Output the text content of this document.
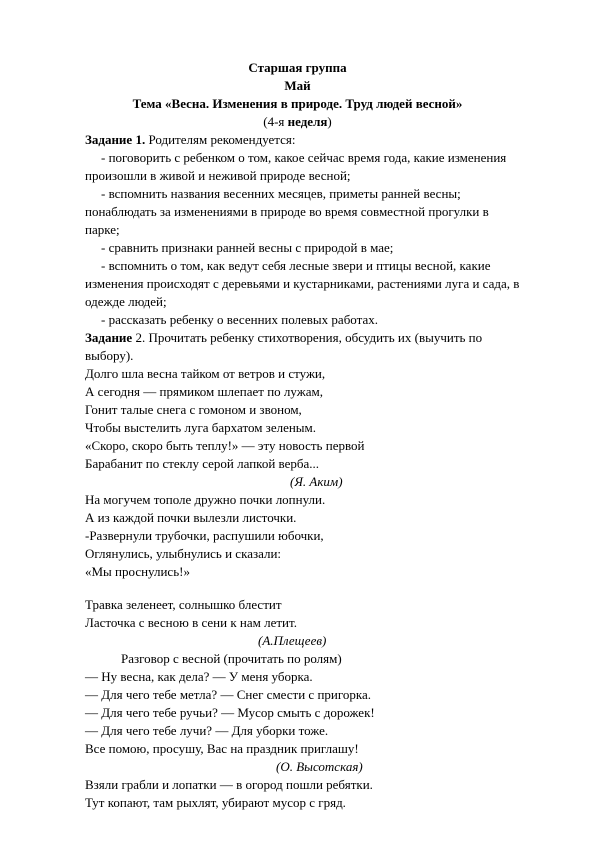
Старшая группа
Май
Тема «Весна. Изменения в природе. Труд людей весной»
(4-я неделя)
Задание 1. Родителям рекомендуется:
- поговорить с ребенком о том, какое сейчас время года, какие изменения
произошли в живой и неживой природе весной;
- вспомнить названия весенних месяцев, приметы ранней весны;
понаблюдать за изменениями в природе во время совместной прогулки в
парке;
- сравнить признаки ранней весны с природой в мае;
- вспомнить о том, как ведут себя лесные звери и птицы весной, какие
изменения происходят с деревьями и кустарниками, растениями луга и сада, в
одежде людей;
- рассказать ребенку о весенних полевых работах.
Задание 2. Прочитать ребенку стихотворения, обсудить их (выучить по
выбору).
Долго шла весна тайком от ветров и стужи,
А сегодня — прямиком шлепает по лужам,
Гонит талые снега с гомоном и звоном,
Чтобы выстелить луга бархатом зеленым.
«Скоро, скоро быть теплу!» — эту новость первой
Барабанит по стеклу серой лапкой верба...
(Я. Аким)
На могучем тополе дружно почки лопнули.
А из каждой почки вылезли листочки.
-Развернули трубочки, распушили юбочки,
Оглянулись, улыбнулись и сказали:
«Мы проснулись!»
Травка зеленеет, солнышко блестит
Ласточка с весною в сени к нам летит.
(А.Плещеев)
Разговор с весной (прочитать по ролям)
— Ну весна, как дела? — У меня уборка.
— Для чего тебе метла? — Снег смести с пригорка.
— Для чего тебе ручьи? — Мусор смыть с дорожек!
— Для чего тебе лучи? — Для уборки тоже.
Все помою, просушу, Вас на праздник приглашу!
(О. Высотская)
Взяли грабли и лопатки — в огород пошли ребятки.
Тут копают, там рыхлят, убирают мусор с гряд.
